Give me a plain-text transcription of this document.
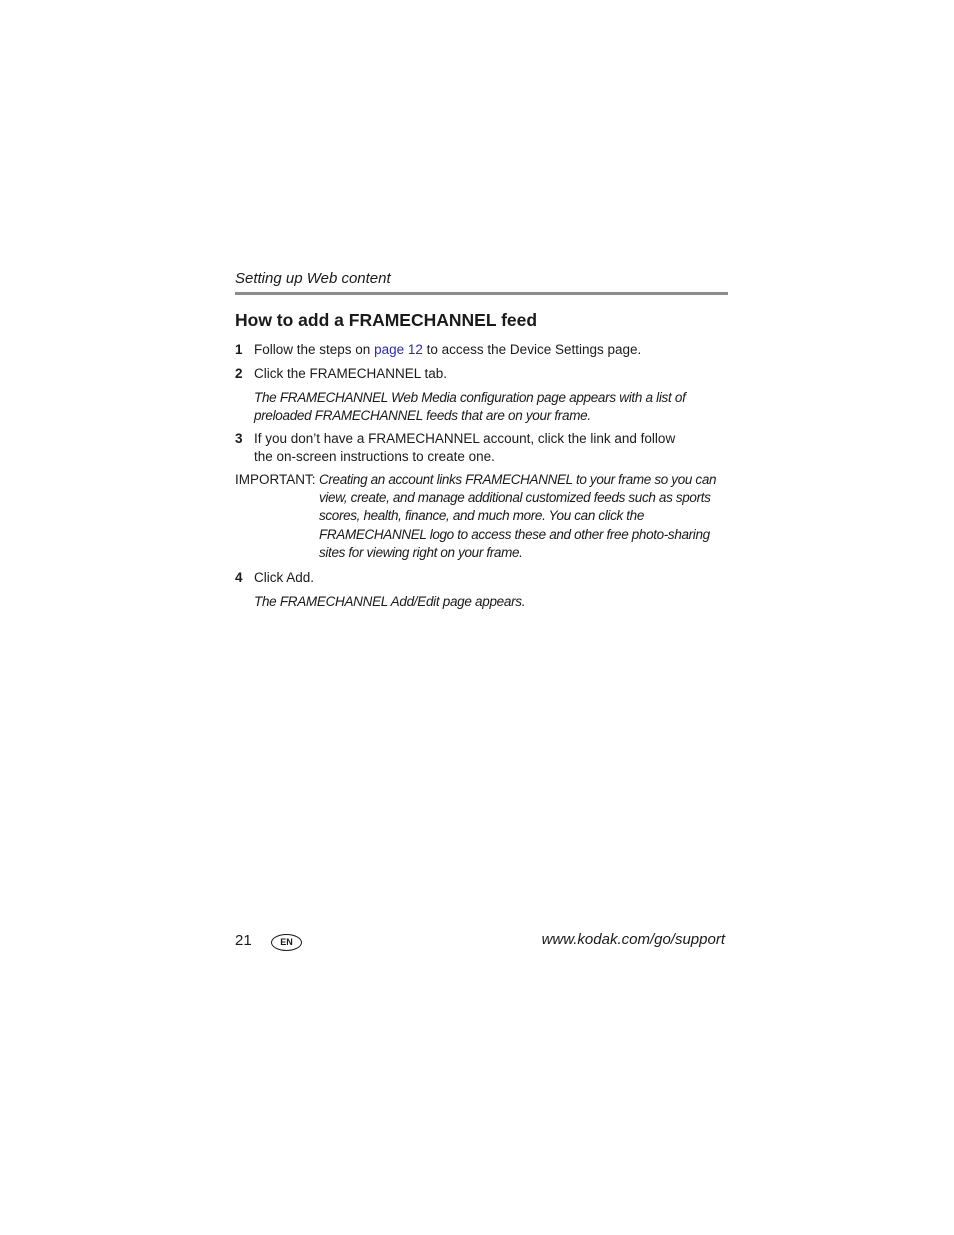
Setting up Web content
How to add a FRAMECHANNEL feed
1 Follow the steps on page 12 to access the Device Settings page.
2 Click the FRAMECHANNEL tab.
The FRAMECHANNEL Web Media configuration page appears with a list of preloaded FRAMECHANNEL feeds that are on your frame.
3 If you don’t have a FRAMECHANNEL account, click the link and follow the on-screen instructions to create one.
IMPORTANT: Creating an account links FRAMECHANNEL to your frame so you can view, create, and manage additional customized feeds such as sports scores, health, finance, and much more. You can click the FRAMECHANNEL logo to access these and other free photo-sharing sites for viewing right on your frame.
4 Click Add.
The FRAMECHANNEL Add/Edit page appears.
21	EN	www.kodak.com/go/support
